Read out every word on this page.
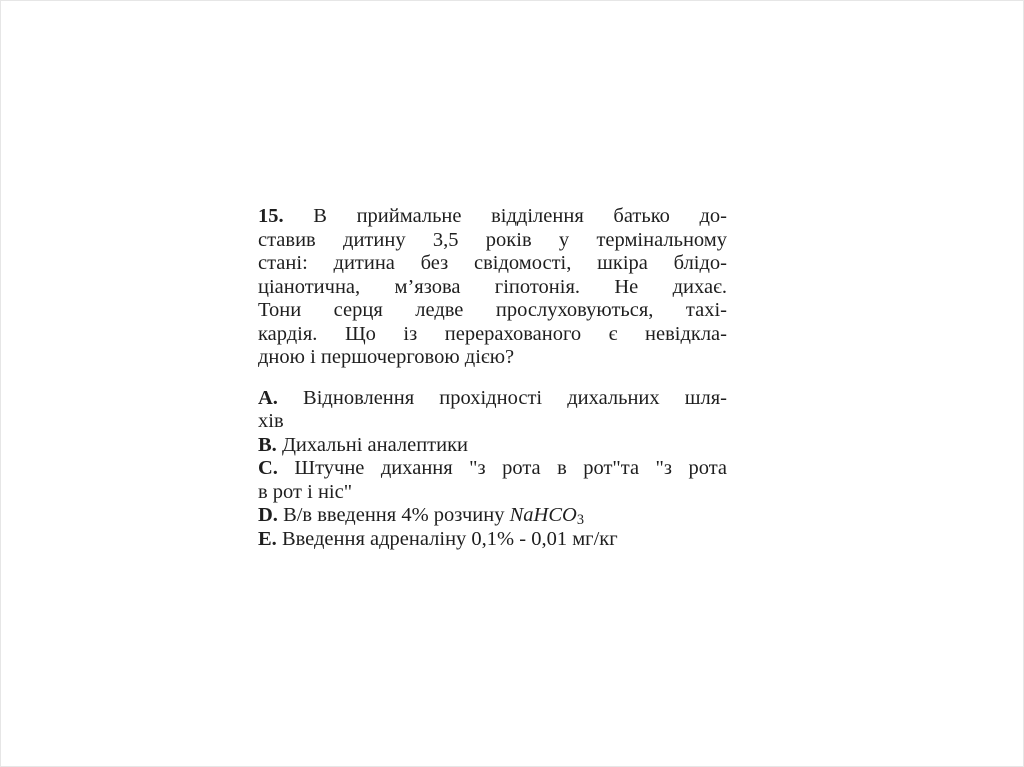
15. В приймальне відділення батько до-
ставив дитину 3,5 років у термінальному
стані: дитина без свідомості, шкіра блідо-
ціанотична, м’язова гіпотонія. Не дихає.
Тони серця ледве прослуховуються, тахі-
кардія. Що із перерахованого є невідкла-
дною і першочерговою дією?
A. Відновлення прохідності дихальних шля-
хів
B. Дихальні аналептики
C. Штучне дихання "з рота в рот"та "з рота
в рот і ніс"
D. В/в введення 4% розчину NaHCO$_3$
E. Введення адреналіну 0,1% - 0,01 мг/кг
